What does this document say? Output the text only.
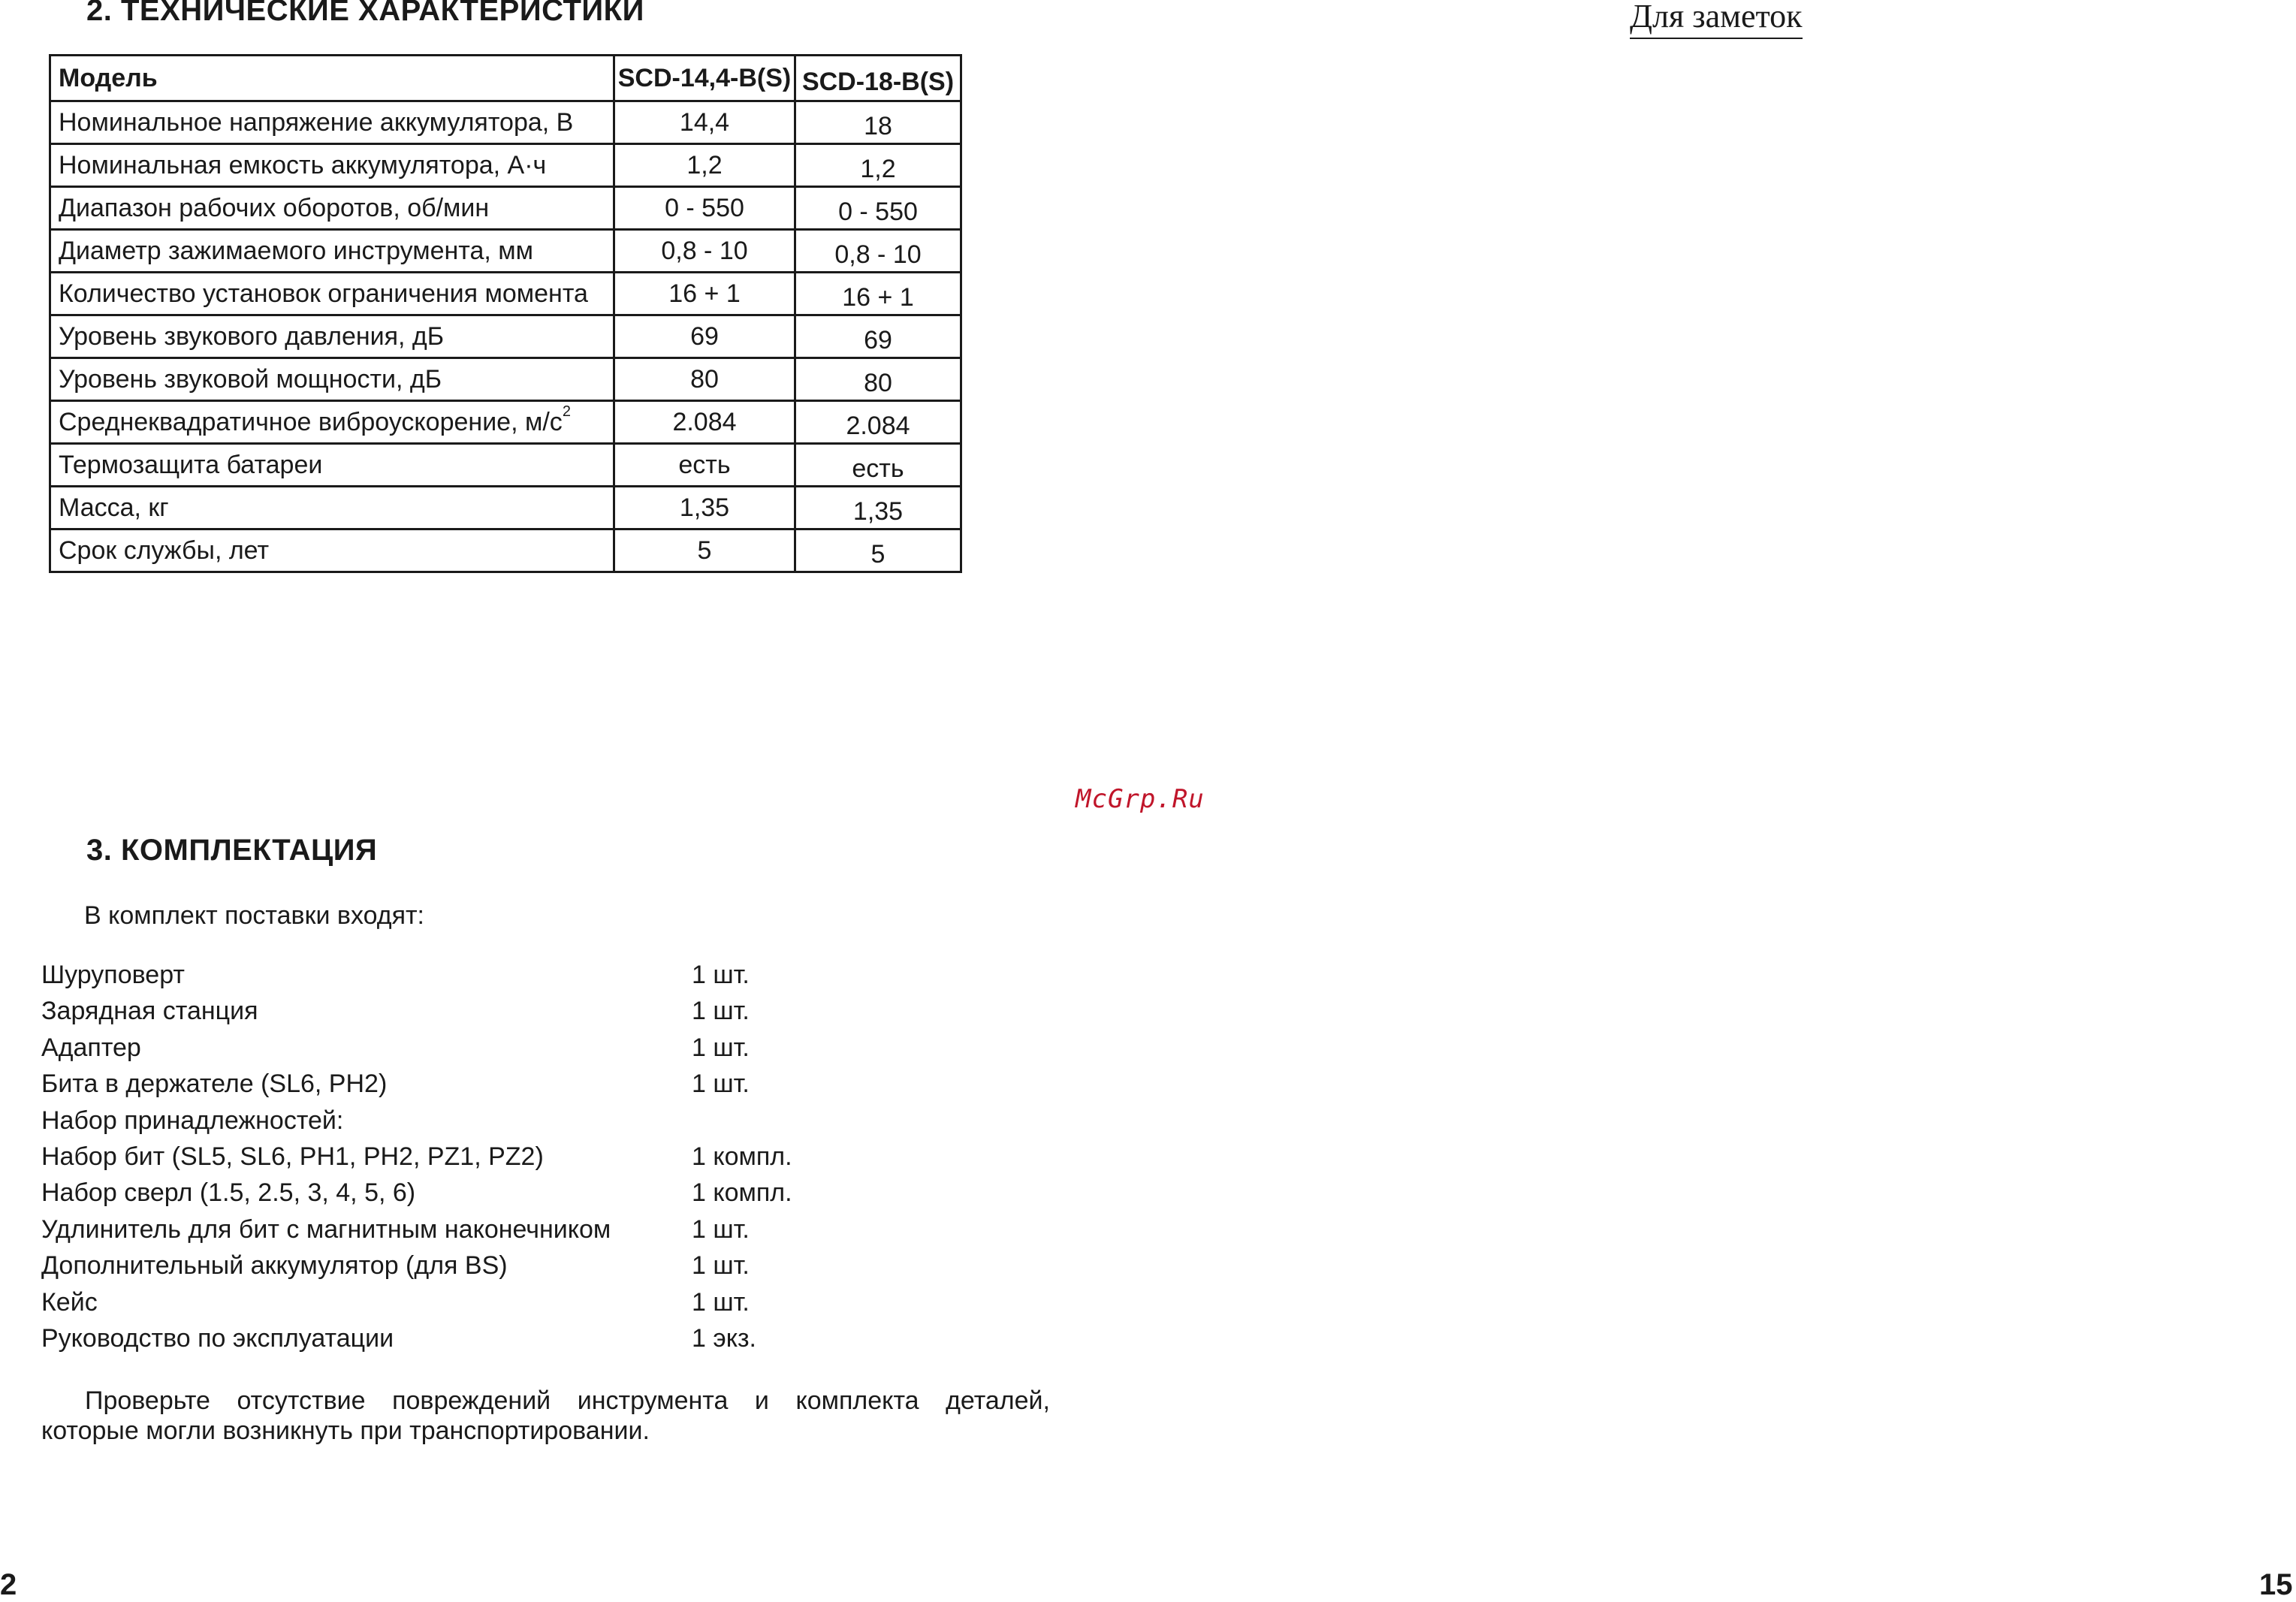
2. ТЕХНИЧЕСКИЕ ХАРАКТЕРИСТИКИ
Модель	SCD-14,4-B(S)	SCD-18-B(S)
Номинальное напряжение аккумулятора, В	14,4	18
Номинальная емкость аккумулятора, А·ч	1,2	1,2
Диапазон рабочих оборотов, об/мин	0 - 550	0 - 550
Диаметр зажимаемого инструмента, мм	0,8 - 10	0,8 - 10
Количество установок ограничения момента	16 + 1	16 + 1
Уровень звукового давления, дБ	69	69
Уровень звуковой мощности, дБ	80	80
Среднеквадратичное виброускорение, $м/с^2$	2.084	2.084
Термозащита батареи	есть	есть
Масса, кг	1,35	1,35
Срок службы, лет	5	5
McGrp.Ru
3. КОМПЛЕКТАЦИЯ
В комплект поставки входят:
Шуруповерт	1 шт.
Зарядная станция	1 шт.
Адаптер	1 шт.
Бита в держателе (SL6, PH2)	1 шт.
Набор принадлежностей:
Набор бит (SL5, SL6, PH1, PH2, PZ1, PZ2)	1 компл.
Набор сверл (1.5, 2.5, 3, 4, 5, 6)	1 компл.
Удлинитель для бит с магнитным наконечником	1 шт.
Дополнительный аккумулятор (для BS)	1 шт.
Кейс	1 шт.
Руководство по эксплуатации	1 экз.

Проверьте отсутствие повреждений инструмента и комплекта деталей,

которые могли возникнуть при транспортировании.

2
Для заметок
15
